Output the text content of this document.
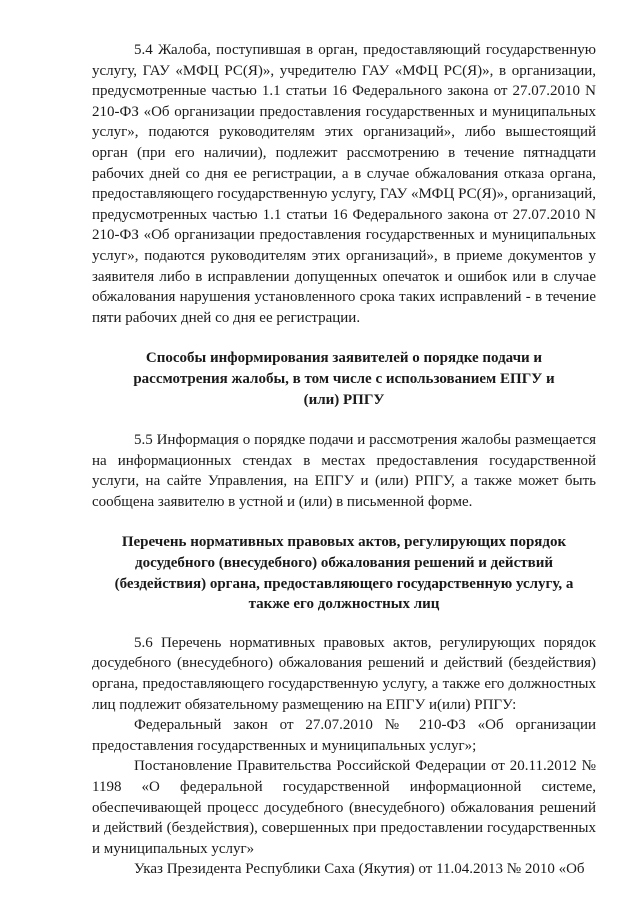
5.4 Жалоба, поступившая в орган, предоставляющий государственную услугу, ГАУ «МФЦ РС(Я)», учредителю ГАУ «МФЦ РС(Я)», в организации, предусмотренные частью 1.1 статьи 16 Федерального закона от 27.07.2010 N 210-ФЗ «Об организации предоставления государственных и муниципальных услуг», подаются руководителям этих организаций», либо вышестоящий орган (при его наличии), подлежит рассмотрению в течение пятнадцати рабочих дней со дня ее регистрации, а в случае обжалования отказа органа, предоставляющего государственную услугу, ГАУ «МФЦ РС(Я)», организаций, предусмотренных частью 1.1 статьи 16 Федерального закона от 27.07.2010 N 210-ФЗ «Об организации предоставления государственных и муниципальных услуг», подаются руководителям этих организаций», в приеме документов у заявителя либо в исправлении допущенных опечаток и ошибок или в случае обжалования нарушения установленного срока таких исправлений - в течение пяти рабочих дней со дня ее регистрации.

Способы информирования заявителей о порядке подачи и рассмотрения жалобы, в том числе с использованием ЕПГУ и (или) РПГУ

5.5 Информация о порядке подачи и рассмотрения жалобы размещается на информационных стендах в местах предоставления государственной услуги, на сайте Управления, на ЕПГУ и (или) РПГУ, а также может быть сообщена заявителю в устной и (или) в письменной форме.

Перечень нормативных правовых актов, регулирующих порядок досудебного (внесудебного) обжалования решений и действий (бездействия) органа, предоставляющего государственную услугу, а также его должностных лиц

5.6 Перечень нормативных правовых актов, регулирующих порядок досудебного (внесудебного) обжалования решений и действий (бездействия) органа, предоставляющего государственную услугу, а также его должностных лиц подлежит обязательному размещению на ЕПГУ и(или) РПГУ:

Федеральный закон от 27.07.2010 № 210-ФЗ «Об организации предоставления государственных и муниципальных услуг»;

Постановление Правительства Российской Федерации от 20.11.2012 № 1198 «О федеральной государственной информационной системе, обеспечивающей процесс досудебного (внесудебного) обжалования решений и действий (бездействия), совершенных при предоставлении государственных и муниципальных услуг»

Указ Президента Республики Саха (Якутия) от 11.04.2013 № 2010 «Об
